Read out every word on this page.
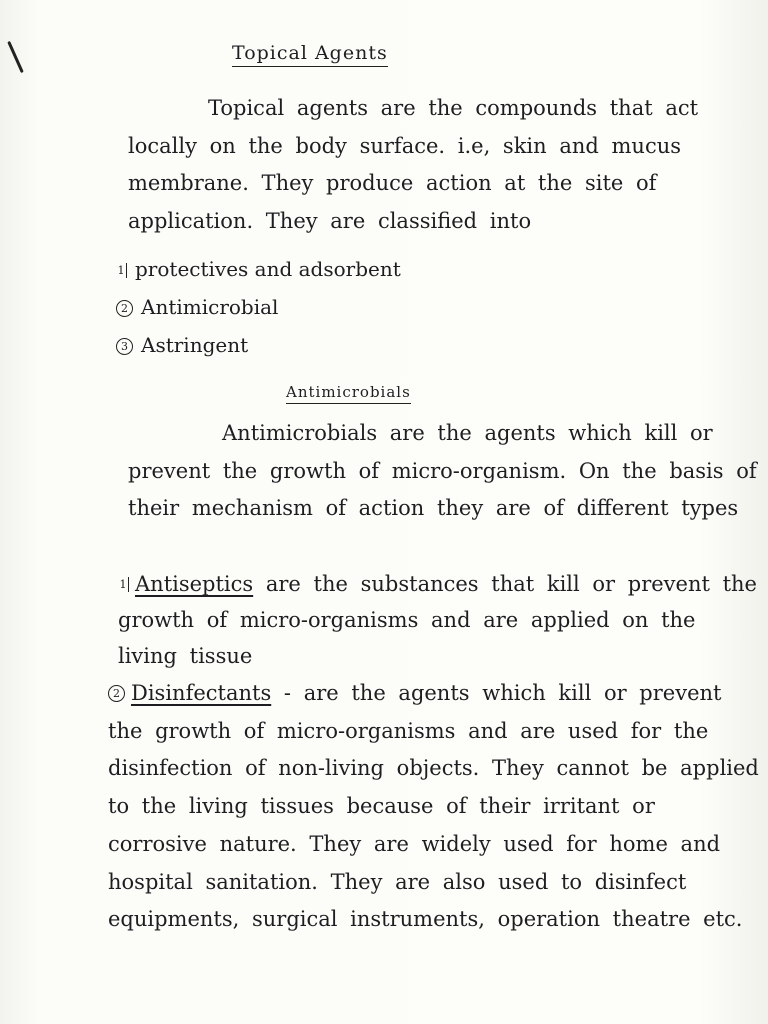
Topical Agents

Topical agents are the compounds that act locally on the body surface. i.e, skin and mucus membrane. They produce action at the site of application. They are classified into

1 protectives and adsorbent
2 Antimicrobial
3 Astringent
Antimicrobials

Antimicrobials are the agents which kill or prevent the growth of micro-organism. On the basis of their mechanism of action they are of different types

1 Antiseptics are the substances that kill or prevent the growth of micro-organisms and are applied on the living tissue

2 Disinfectants - are the agents which kill or prevent the growth of micro-organisms and are used for the disinfection of non-living objects. They cannot be applied to the living tissues because of their irritant or corrosive nature. They are widely used for home and hospital sanitation. They are also used to disinfect equipments, surgical instruments, operation theatre etc.
